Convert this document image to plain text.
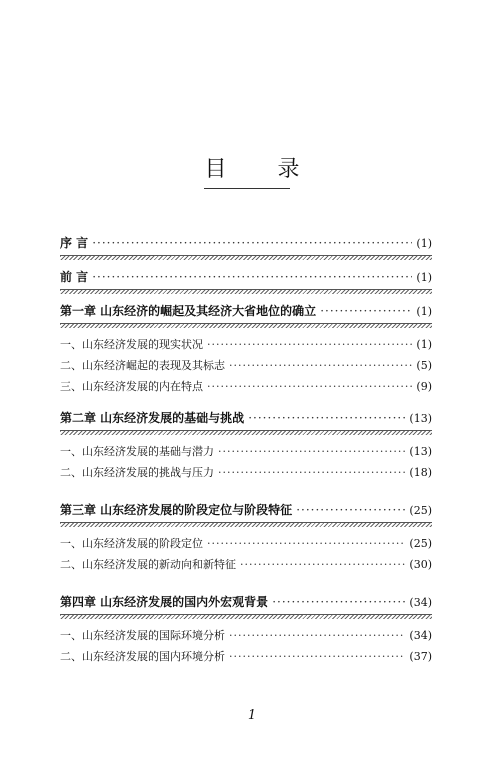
目 录
序 言 ·····	(1)
前 言 ·····	(1)
第一章 山东经济的崛起及其经济大省地位的确立 ·····	(1)
一、山东经济发展的现实状况 ·····	(1)
二、山东经济崛起的表现及其标志 ·····	(5)
三、山东经济发展的内在特点 ·····	(9)
第二章 山东经济发展的基础与挑战 ·····	(13)
一、山东经济发展的基础与潜力 ·····	(13)
二、山东经济发展的挑战与压力 ·····	(18)
第三章 山东经济发展的阶段定位与阶段特征 ·····	(25)
一、山东经济发展的阶段定位 ·····	(25)
二、山东经济发展的新动向和新特征 ·····	(30)
第四章 山东经济发展的国内外宏观背景 ·····	(34)
一、山东经济发展的国际环境分析 ·····	(34)
二、山东经济发展的国内环境分析 ·····	(37)
1
